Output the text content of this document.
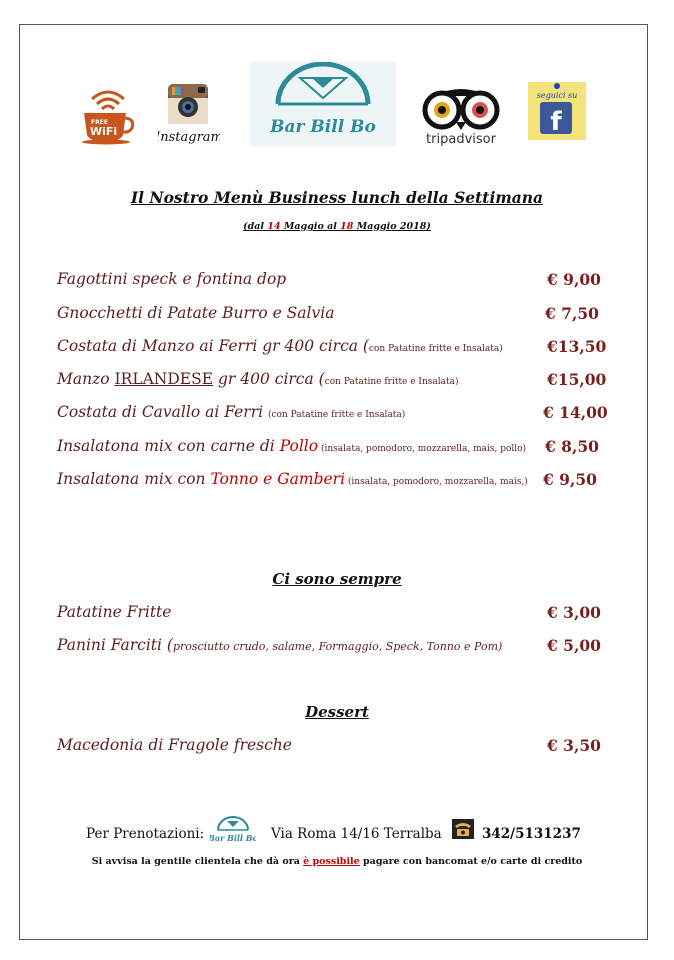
FREE
WiFi	Instagram
Bar Bill Bo
tripadvisor
seguici su
f
Il Nostro Menù Business lunch della Settimana
(dal 14 Maggio al 18 Maggio 2018)
Fagottini speck e fontina dop	€ 9,00
Gnocchetti di Patate Burro e Salvia	€ 7,50
Costata di Manzo ai Ferri gr 400 circa (con Patatine fritte e Insalata)	€13,50
Manzo IRLANDESE gr 400 circa (con Patatine fritte e Insalata)	€15,00
Costata di Cavallo ai Ferri (con Patatine fritte e Insalata)	€ 14,00
Insalatona mix con carne di Pollo (insalata, pomodoro, mozzarella, mais, pollo) € 8,50
Insalatona mix con Tonno e Gamberi (insalata, pomodoro, mozzarella, mais,) € 9,50
Ci sono sempre
Patatine Fritte	€ 3,00
Panini Farciti (prosciutto crudo, salame, Formaggio, Speck, Tonno e Pom)	€ 5,00
Dessert
Macedonia di Fragole fresche	€ 3,50
Per Prenotazioni: Bar Bill Bo Via Roma 14/16 Terralba	342/5131237
Si avvisa la gentile clientela che dà ora è possibile pagare con bancomat e/o carte di credito
